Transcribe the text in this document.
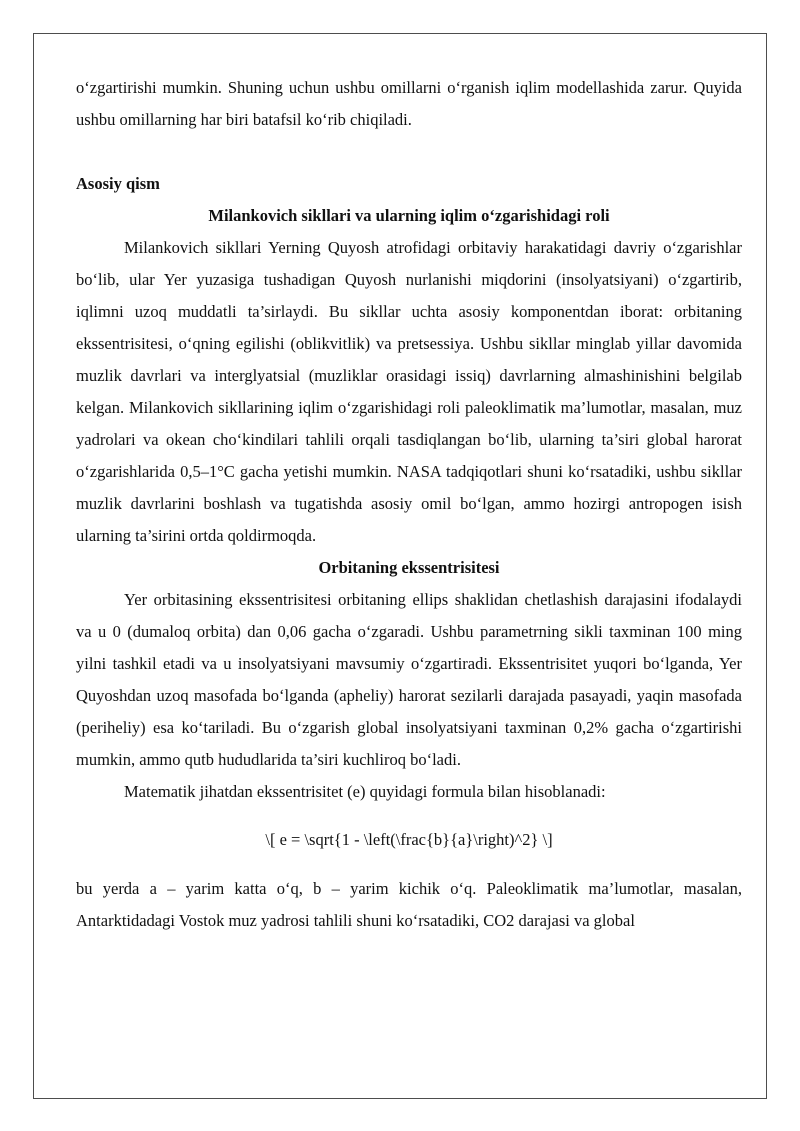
o‘zgartirishi mumkin. Shuning uchun ushbu omillarni o‘rganish iqlim modellashida zarur. Quyida ushbu omillarning har biri batafsil ko‘rib chiqiladi.

Asosiy qism

Milankovich sikllari va ularning iqlim o‘zgarishidagi roli

Milankovich sikllari Yerning Quyosh atrofidagi orbitaviy harakatidagi davriy o‘zgarishlar bo‘lib, ular Yer yuzasiga tushadigan Quyosh nurlanishi miqdorini (insolyatsiyani) o‘zgartirib, iqlimni uzoq muddatli ta’sirlaydi. Bu sikllar uchta asosiy komponentdan iborat: orbitaning ekssentrisitesi, o‘qning egilishi (oblikvitlik) va pretsessiya. Ushbu sikllar minglab yillar davomida muzlik davrlari va interglyatsial (muzliklar orasidagi issiq) davrlarning almashinishini belgilab kelgan. Milankovich sikllarining iqlim o‘zgarishidagi roli paleoklimatik ma’lumotlar, masalan, muz yadrolari va okean cho‘kindilari tahlili orqali tasdiqlangan bo‘lib, ularning ta’siri global harorat o‘zgarishlarida 0,5–1°C gacha yetishi mumkin. NASA tadqiqotlari shuni ko‘rsatadiki, ushbu sikllar muzlik davrlarini boshlash va tugatishda asosiy omil bo‘lgan, ammo hozirgi antropogen isish ularning ta’sirini ortda qoldirmoqda.

Orbitaning ekssentrisitesi

Yer orbitasining ekssentrisitesi orbitaning ellips shaklidan chetlashish darajasini ifodalaydi va u 0 (dumaloq orbita) dan 0,06 gacha o‘zgaradi. Ushbu parametrning sikli taxminan 100 ming yilni tashkil etadi va u insolyatsiyani mavsumiy o‘zgartiradi. Ekssentrisitet yuqori bo‘lganda, Yer Quyoshdan uzoq masofada bo‘lganda (apheliy) harorat sezilarli darajada pasayadi, yaqin masofada (periheliy) esa ko‘tariladi. Bu o‘zgarish global insolyatsiyani taxminan 0,2% gacha o‘zgartirishi mumkin, ammo qutb hududlarida ta’siri kuchliroq bo‘ladi.

Matematik jihatdan ekssentrisitet (e) quyidagi formula bilan hisoblanadi:

\[ e = \sqrt{1 - \left(\frac{b}{a}\right)^2} \]

bu yerda a – yarim katta o‘q, b – yarim kichik o‘q. Paleoklimatik ma’lumotlar, masalan, Antarktidadagi Vostok muz yadrosi tahlili shuni ko‘rsatadiki, CO2 darajasi va global
